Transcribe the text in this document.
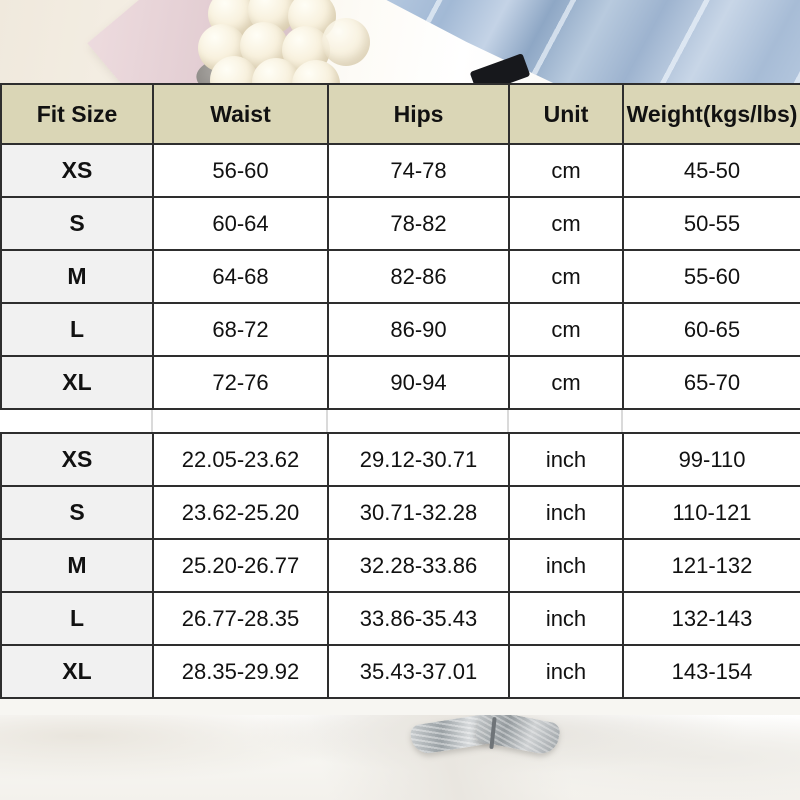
Fit Size	Waist	Hips	Unit	Weight(kgs/lbs)
XS	56-60	74-78	cm	45-50
S	60-64	78-82	cm	50-55
M	64-68	82-86	cm	55-60
L	68-72	86-90	cm	60-65
XL	72-76	90-94	cm	65-70
XS	22.05-23.62	29.12-30.71	inch	99-110
S	23.62-25.20	30.71-32.28	inch	110-121
M	25.20-26.77	32.28-33.86	inch	121-132
L	26.77-28.35	33.86-35.43	inch	132-143
XL	28.35-29.92	35.43-37.01	inch	143-154
